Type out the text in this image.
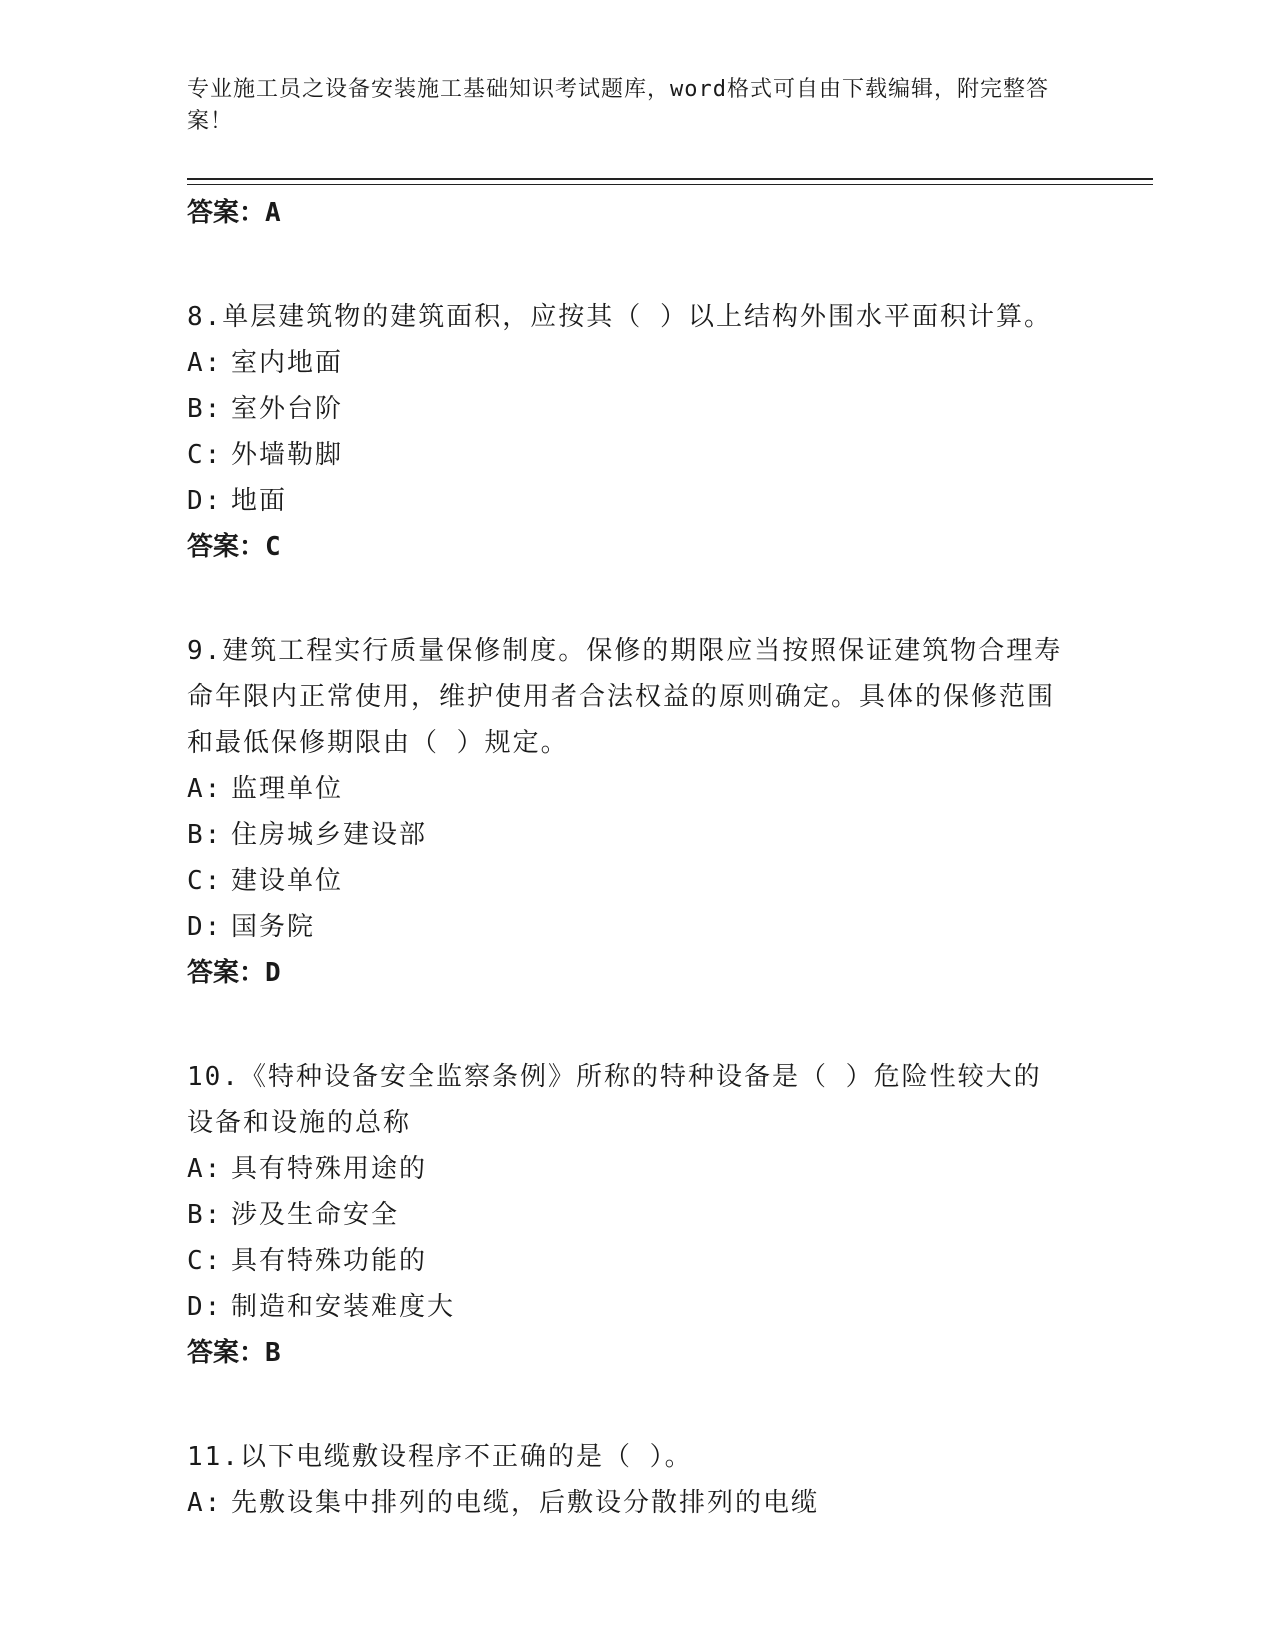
专业施工员之设备安装施工基础知识考试题库，word格式可自由下载编辑，附完整答案！
答案：A
8.单层建筑物的建筑面积，应按其（ ）以上结构外围水平面积计算。
A: 室内地面
B: 室外台阶
C: 外墙勒脚
D: 地面
答案：C
9.建筑工程实行质量保修制度。保修的期限应当按照保证建筑物合理寿命年限内正常使用，维护使用者合法权益的原则确定。具体的保修范围和最低保修期限由（ ）规定。
A: 监理单位
B: 住房城乡建设部
C: 建设单位
D: 国务院
答案：D
10.《特种设备安全监察条例》所称的特种设备是（ ）危险性较大的设备和设施的总称
A: 具有特殊用途的
B: 涉及生命安全
C: 具有特殊功能的
D: 制造和安装难度大
答案：B
11.以下电缆敷设程序不正确的是（ ）。
A: 先敷设集中排列的电缆，后敷设分散排列的电缆
